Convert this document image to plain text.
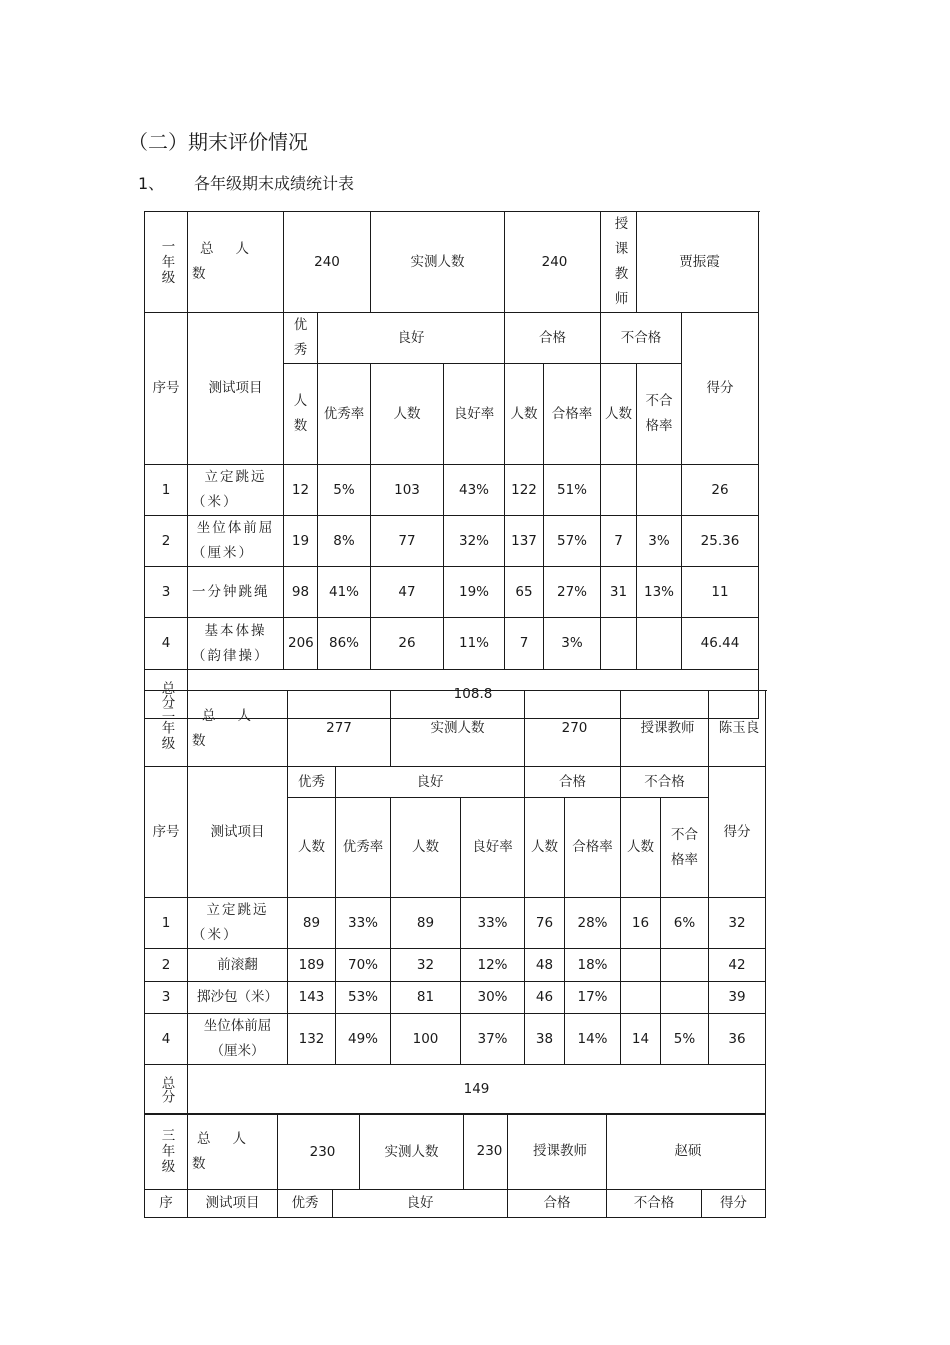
（二）期末评价情况
1、 各年级期末成绩统计表
一年级	总人数	240		实测人数		240		授课教师	贾振霞	
序号	测试项目	优秀	良好			合格		不合格		得分
		人数	优秀率	人数	良好率	人数	合格率	人数	不合格率	
1	立定跳远（米）	12	5%	103	43%	122	51%			26
2	坐位体前屈（厘米）	19	8%	77	32%	137	57%	7	3%	25.36
3	一分钟跳绳	98	41%	47	19%	65	27%	31	13%	11
4	基本体操（韵律操）	206	86%	26	11%	7	3%			46.44
总分	108.8									
二年级	总人数	277		实测人数		270		授课教师		陈玉良
序号	测试项目	优秀	良好			合格		不合格		得分
		人数	优秀率	人数	良好率	人数	合格率	人数	不合格率	
1	立定跳远（米）	89	33%	89	33%	76	28%	16	6%	32
2	前滚翻	189	70%	32	12%	48	18%			42
3	掷沙包（米）	143	53%	81	30%	46	17%			39
4	坐位体前屈（厘米）	132	49%	100	37%	38	14%	14	5%	36
总分	149									
三年级	总人数	230 实测人数 230		授课教师	赵硕	
序	测试项目	优秀	良好	合格	不合格	得分
